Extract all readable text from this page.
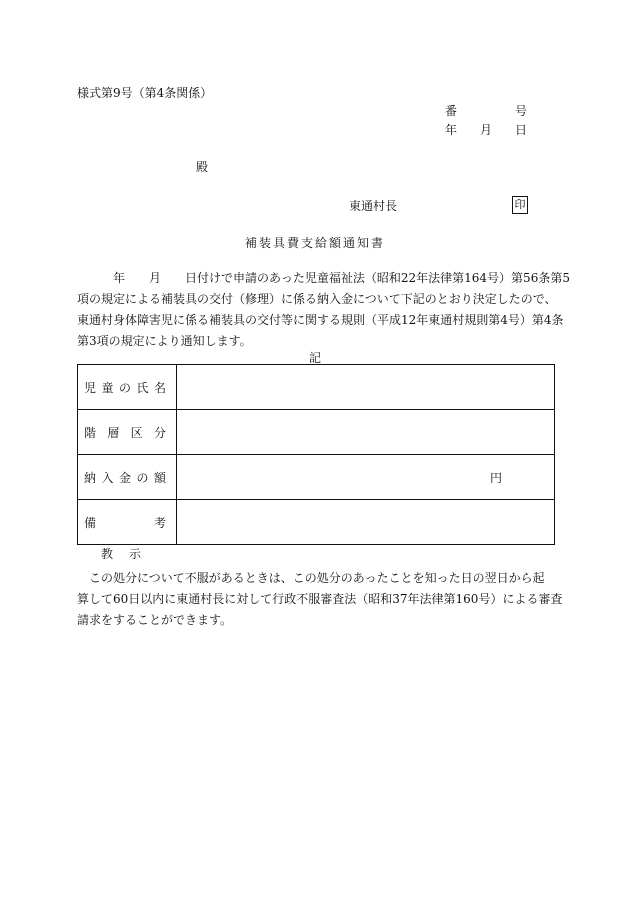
様式第9号（第4条関係）
番	号
年 月 日
殿
東通村長	印
補装具費支給額通知書
　　　年　　月　　日付けで申請のあった児童福祉法（昭和22年法律第164号）第56条第5
項の規定による補装具の交付（修理）に係る納入金について下記のとおり決定したので、
東通村身体障害児に係る補装具の交付等に関する規則（平成12年東通村規則第4号）第4条
第3項の規定により通知します。
記
児童の氏名	

階層区分	

納入金の額	円

備考	

教　示
　この処分について不服があるときは、この処分のあったことを知った日の翌日から起
算して60日以内に東通村長に対して行政不服審査法（昭和37年法律第160号）による審査
請求をすることができます。
